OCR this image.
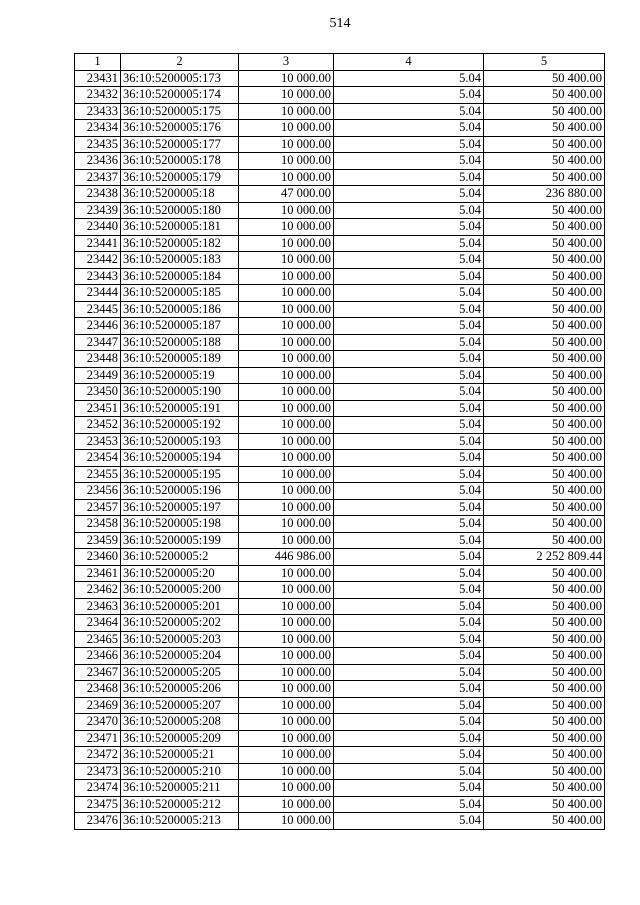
514
1	2	3	4	5
23431	36:10:5200005:173	10 000.00	5.04	50 400.00
23432	36:10:5200005:174	10 000.00	5.04	50 400.00
23433	36:10:5200005:175	10 000.00	5.04	50 400.00
23434	36:10:5200005:176	10 000.00	5.04	50 400.00
23435	36:10:5200005:177	10 000.00	5.04	50 400.00
23436	36:10:5200005:178	10 000.00	5.04	50 400.00
23437	36:10:5200005:179	10 000.00	5.04	50 400.00
23438	36:10:5200005:18	47 000.00	5.04	236 880.00
23439	36:10:5200005:180	10 000.00	5.04	50 400.00
23440	36:10:5200005:181	10 000.00	5.04	50 400.00
23441	36:10:5200005:182	10 000.00	5.04	50 400.00
23442	36:10:5200005:183	10 000.00	5.04	50 400.00
23443	36:10:5200005:184	10 000.00	5.04	50 400.00
23444	36:10:5200005:185	10 000.00	5.04	50 400.00
23445	36:10:5200005:186	10 000.00	5.04	50 400.00
23446	36:10:5200005:187	10 000.00	5.04	50 400.00
23447	36:10:5200005:188	10 000.00	5.04	50 400.00
23448	36:10:5200005:189	10 000.00	5.04	50 400.00
23449	36:10:5200005:19	10 000.00	5.04	50 400.00
23450	36:10:5200005:190	10 000.00	5.04	50 400.00
23451	36:10:5200005:191	10 000.00	5.04	50 400.00
23452	36:10:5200005:192	10 000.00	5.04	50 400.00
23453	36:10:5200005:193	10 000.00	5.04	50 400.00
23454	36:10:5200005:194	10 000.00	5.04	50 400.00
23455	36:10:5200005:195	10 000.00	5.04	50 400.00
23456	36:10:5200005:196	10 000.00	5.04	50 400.00
23457	36:10:5200005:197	10 000.00	5.04	50 400.00
23458	36:10:5200005:198	10 000.00	5.04	50 400.00
23459	36:10:5200005:199	10 000.00	5.04	50 400.00
23460	36:10:5200005:2	446 986.00	5.04	2 252 809.44
23461	36:10:5200005:20	10 000.00	5.04	50 400.00
23462	36:10:5200005:200	10 000.00	5.04	50 400.00
23463	36:10:5200005:201	10 000.00	5.04	50 400.00
23464	36:10:5200005:202	10 000.00	5.04	50 400.00
23465	36:10:5200005:203	10 000.00	5.04	50 400.00
23466	36:10:5200005:204	10 000.00	5.04	50 400.00
23467	36:10:5200005:205	10 000.00	5.04	50 400.00
23468	36:10:5200005:206	10 000.00	5.04	50 400.00
23469	36:10:5200005:207	10 000.00	5.04	50 400.00
23470	36:10:5200005:208	10 000.00	5.04	50 400.00
23471	36:10:5200005:209	10 000.00	5.04	50 400.00
23472	36:10:5200005:21	10 000.00	5.04	50 400.00
23473	36:10:5200005:210	10 000.00	5.04	50 400.00
23474	36:10:5200005:211	10 000.00	5.04	50 400.00
23475	36:10:5200005:212	10 000.00	5.04	50 400.00
23476	36:10:5200005:213	10 000.00	5.04	50 400.00
